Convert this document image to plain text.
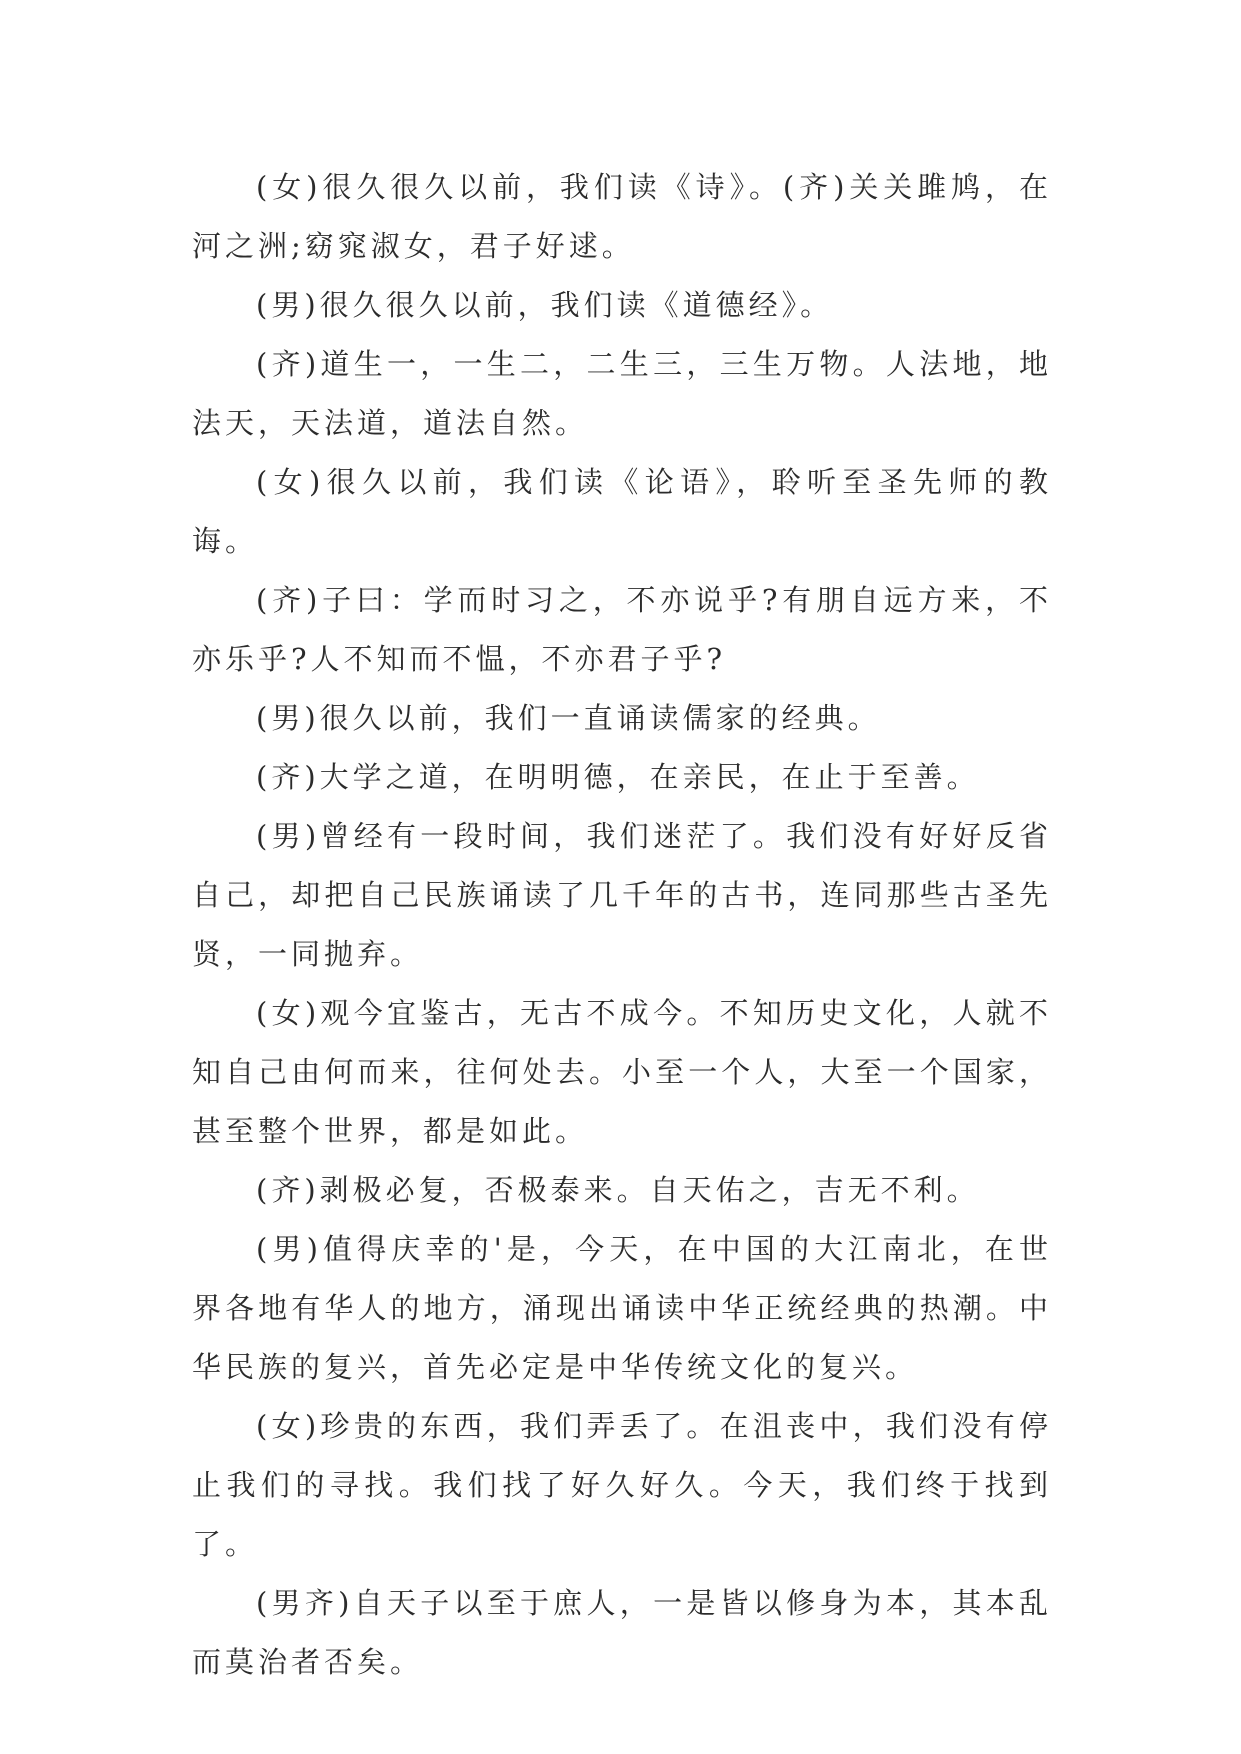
(女)很久很久以前，我们读《诗》。(齐)关关雎鸠，在河之洲;窈窕淑女，君子好逑。

(男)很久很久以前，我们读《道德经》。

(齐)道生一，一生二，二生三，三生万物。人法地，地法天，天法道，道法自然。

(女)很久以前，我们读《论语》，聆听至圣先师的教诲。

(齐)子曰：学而时习之，不亦说乎?有朋自远方来，不亦乐乎?人不知而不愠，不亦君子乎?

(男)很久以前，我们一直诵读儒家的经典。

(齐)大学之道，在明明德，在亲民，在止于至善。

(男)曾经有一段时间，我们迷茫了。我们没有好好反省自己，却把自己民族诵读了几千年的古书，连同那些古圣先贤，一同抛弃。

(女)观今宜鉴古，无古不成今。不知历史文化，人就不知自己由何而来，往何处去。小至一个人，大至一个国家，甚至整个世界，都是如此。

(齐)剥极必复，否极泰来。自天佑之，吉无不利。

(男)值得庆幸的'是，今天，在中国的大江南北，在世界各地有华人的地方，涌现出诵读中华正统经典的热潮。中华民族的复兴，首先必定是中华传统文化的复兴。

(女)珍贵的东西，我们弄丢了。在沮丧中，我们没有停止我们的寻找。我们找了好久好久。今天，我们终于找到了。

(男齐)自天子以至于庶人，一是皆以修身为本，其本乱而莫治者否矣。
